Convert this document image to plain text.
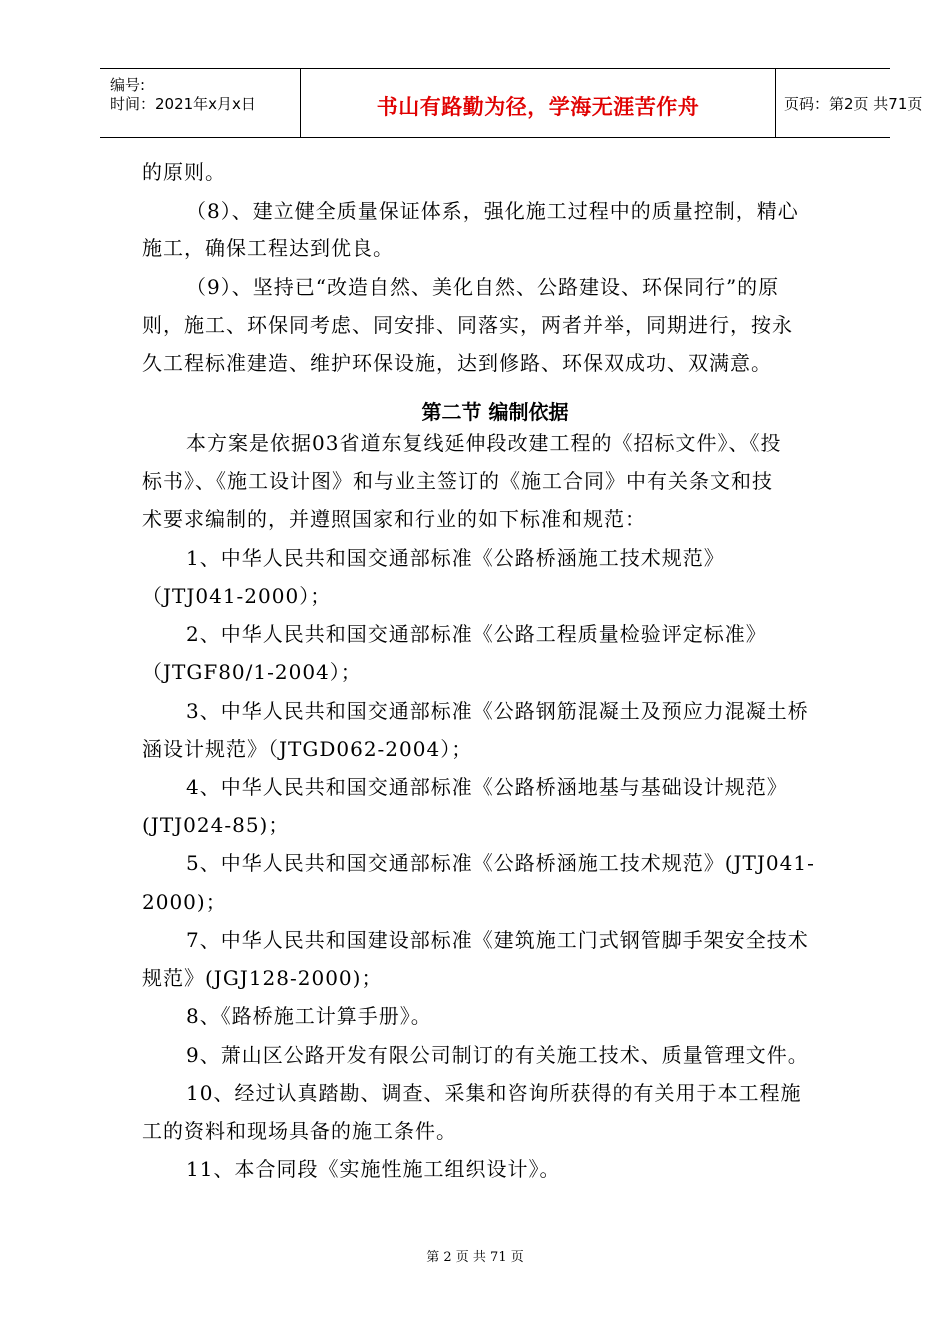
编号:
时间：2021年x月x日	书山有路勤为径，学海无涯苦作舟	页码：第2页 共71页
的原则。
（8）、建立健全质量保证体系，强化施工过程中的质量控制，精心
施工，确保工程达到优良。
（9）、坚持已“改造自然、美化自然、公路建设、环保同行”的原
则，施工、环保同考虑、同安排、同落实，两者并举，同期进行，按永
久工程标准建造、维护环保设施，达到修路、环保双成功、双满意。
第二节 编制依据
本方案是依据03省道东复线延伸段改建工程的《招标文件》、《投
标书》、《施工设计图》和与业主签订的《施工合同》中有关条文和技
术要求编制的，并遵照国家和行业的如下标准和规范：
1、中华人民共和国交通部标准《公路桥涵施工技术规范》
（JTJ041-2000）；
2、中华人民共和国交通部标准《公路工程质量检验评定标准》
（JTGF80/1-2004）；
3、中华人民共和国交通部标准《公路钢筋混凝土及预应力混凝土桥
涵设计规范》（JTGD062-2004）；
4、中华人民共和国交通部标准《公路桥涵地基与基础设计规范》
(JTJ024-85)；
5、中华人民共和国交通部标准《公路桥涵施工技术规范》(JTJ041-
2000)；
7、中华人民共和国建设部标准《建筑施工门式钢管脚手架安全技术
规范》(JGJ128-2000)；
8、《路桥施工计算手册》。
9、萧山区公路开发有限公司制订的有关施工技术、质量管理文件。
10、经过认真踏勘、调查、采集和咨询所获得的有关用于本工程施
工的资料和现场具备的施工条件。
11、本合同段《实施性施工组织设计》。
第 2 页 共 71 页
